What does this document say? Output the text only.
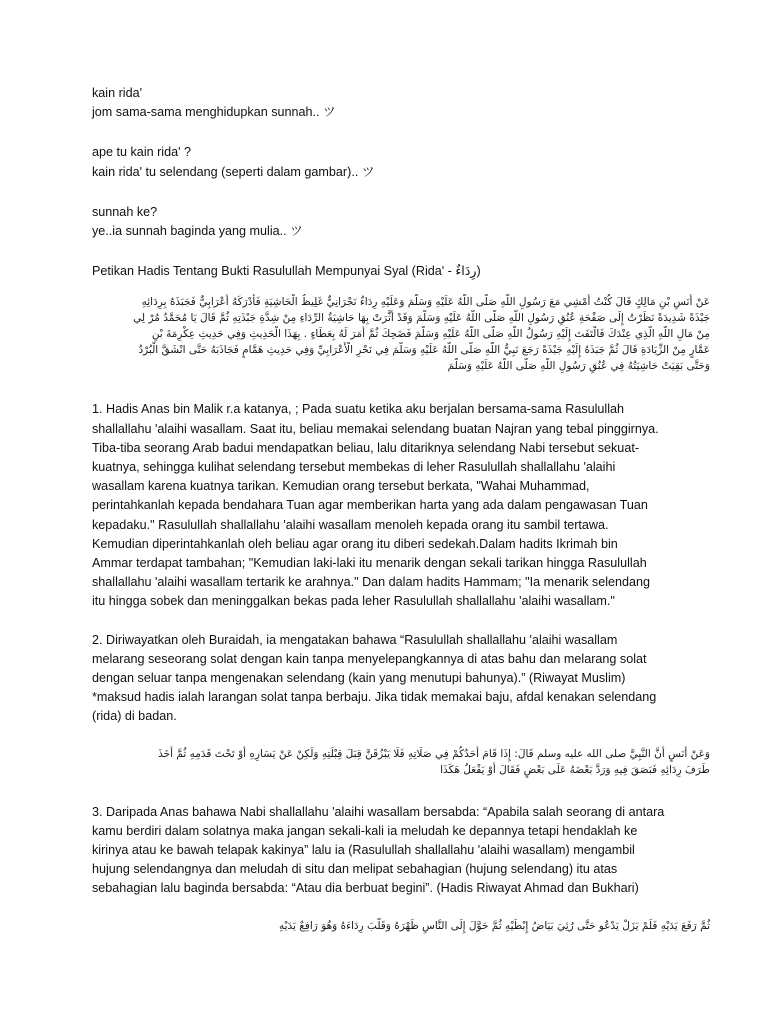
kain rida'
jom sama-sama menghidupkan sunnah.. ツ
ape tu kain rida' ?
kain rida' tu selendang (seperti dalam gambar).. ツ
sunnah ke?
ye..ia sunnah baginda yang mulia.. ツ
Petikan Hadis Tentang Bukti Rasulullah Mempunyai Syal (Rida' - رِدَاءٌ)
عَنْ أَنَسِ بْنِ مَالِكٍ قَالَ كُنْتُ أَمْشِي مَعَ رَسُولِ اللَّهِ صَلَّى اللَّهُ عَلَيْهِ وَسَلَّمَ وَعَلَيْهِ رِدَاءٌ نَجْرَانِيٌّ غَلِيظُ الْحَاشِيَةِ فَأَدْرَكَهُ أَعْرَابِيٌّ فَجَبَذَهُ بِرِدَائِهِ
جَبْذَةً شَدِيدَةً نَظَرْتُ إِلَى صَفْحَةِ عُنُقِ رَسُولِ اللَّهِ صَلَّى اللَّهُ عَلَيْهِ وَسَلَّمَ وَقَدْ أَثَّرَتْ بِهَا حَاشِيَةُ الرِّدَاءِ مِنْ شِدَّةِ جَبْذَتِهِ ثُمَّ قَالَ يَا مُحَمَّدُ مُرْ لِي
مِنْ مَالِ اللَّهِ الَّذِي عِنْدَكَ فَالْتَفَتَ إِلَيْهِ رَسُولُ اللَّهِ صَلَّى اللَّهُ عَلَيْهِ وَسَلَّمَ فَضَحِكَ ثُمَّ أَمَرَ لَهُ بِعَطَاءٍ . بِهَذَا الْحَدِيثِ وَفِي حَدِيثِ عِكْرِمَةَ بْنِ
عَمَّارٍ مِنْ الزِّيَادَةِ قَالَ ثُمَّ جَبَذَهُ إِلَيْهِ جَبْذَةً رَجَعَ نَبِيُّ اللَّهِ صَلَّى اللَّهُ عَلَيْهِ وَسَلَّمَ فِي نَحْرِ الْأَعْرَابِيِّ وَفِي حَدِيثِ هَمَّامٍ فَجَاذَبَهُ حَتَّى انْشَقَّ الْبُرْدُ
وَحَتَّى بَقِيَتْ حَاشِيَتُهُ فِي عُنُقِ رَسُولِ اللَّهِ صَلَّى اللَّهُ عَلَيْهِ وَسَلَّمَ
1. Hadis Anas bin Malik r.a katanya, ; Pada suatu ketika aku berjalan bersama-sama Rasulullah
shallallahu 'alaihi wasallam. Saat itu, beliau memakai selendang buatan Najran yang tebal pinggirnya.
Tiba-tiba seorang Arab badui mendapatkan beliau, lalu ditariknya selendang Nabi tersebut sekuat-
kuatnya, sehingga kulihat selendang tersebut membekas di leher Rasulullah shallallahu 'alaihi
wasallam karena kuatnya tarikan. Kemudian orang tersebut berkata, "Wahai Muhammad,
perintahkanlah kepada bendahara Tuan agar memberikan harta yang ada dalam pengawasan Tuan
kepadaku." Rasulullah shallallahu 'alaihi wasallam menoleh kepada orang itu sambil tertawa.
Kemudian diperintahkanlah oleh beliau agar orang itu diberi sedekah.Dalam hadits Ikrimah bin
Ammar terdapat tambahan; "Kemudian laki-laki itu menarik dengan sekali tarikan hingga Rasulullah
shallallahu 'alaihi wasallam tertarik ke arahnya." Dan dalam hadits Hammam; "Ia menarik selendang
itu hingga sobek dan meninggalkan bekas pada leher Rasulullah shallallahu 'alaihi wasallam."
2. Diriwayatkan oleh Buraidah, ia mengatakan bahawa “Rasulullah shallallahu 'alaihi wasallam
melarang seseorang solat dengan kain tanpa menyelepangkannya di atas bahu dan melarang solat
dengan seluar tanpa mengenakan selendang (kain yang menutupi bahunya).” (Riwayat Muslim)
*maksud hadis ialah larangan solat tanpa berbaju. Jika tidak memakai baju, afdal kenakan selendang
(rida) di badan.
وَعَنْ أَنَسٍ أَنَّ النَّبِيَّ صلى الله عليه وسلم قَالَ: إِذَا قَامَ أَحَدُكُمْ فِي صَلَاتِهِ فَلَا يَبْزُقَنَّ قِبَلَ قِبْلَتِهِ وَلَكِنْ عَنْ يَسَارِهِ أَوْ تَحْتَ قَدَمِهِ ثُمَّ أَخَذَ
طَرَفَ رِدَائِهِ فَبَصَقَ فِيهِ وَرَدَّ بَعْضَهُ عَلَى بَعْضٍ فَقَالَ أَوْ يَفْعَلُ هَكَذَا
3. Daripada Anas bahawa Nabi shallallahu 'alaihi wasallam bersabda: “Apabila salah seorang di antara
kamu berdiri dalam solatnya maka jangan sekali-kali ia meludah ke depannya tetapi hendaklah ke
kirinya atau ke bawah telapak kakinya” lalu ia (Rasulullah shallallahu 'alaihi wasallam) mengambil
hujung selendangnya dan meludah di situ dan melipat sebahagian (hujung selendang) itu atas
sebahagian lalu baginda bersabda: “Atau dia berbuat begini”. (Hadis Riwayat Ahmad dan Bukhari)
ثُمَّ رَفَعَ يَدَيْهِ فَلَمْ يَزَلْ يَدْعُو حَتَّى رُئِيَ بَيَاضُ إِبْطَيْهِ ثُمَّ حَوَّلَ إِلَى النَّاسِ ظَهْرَهُ وَقَلَّبَ رِدَاءَهُ وَهُوَ رَافِعٌ يَدَيْهِ
